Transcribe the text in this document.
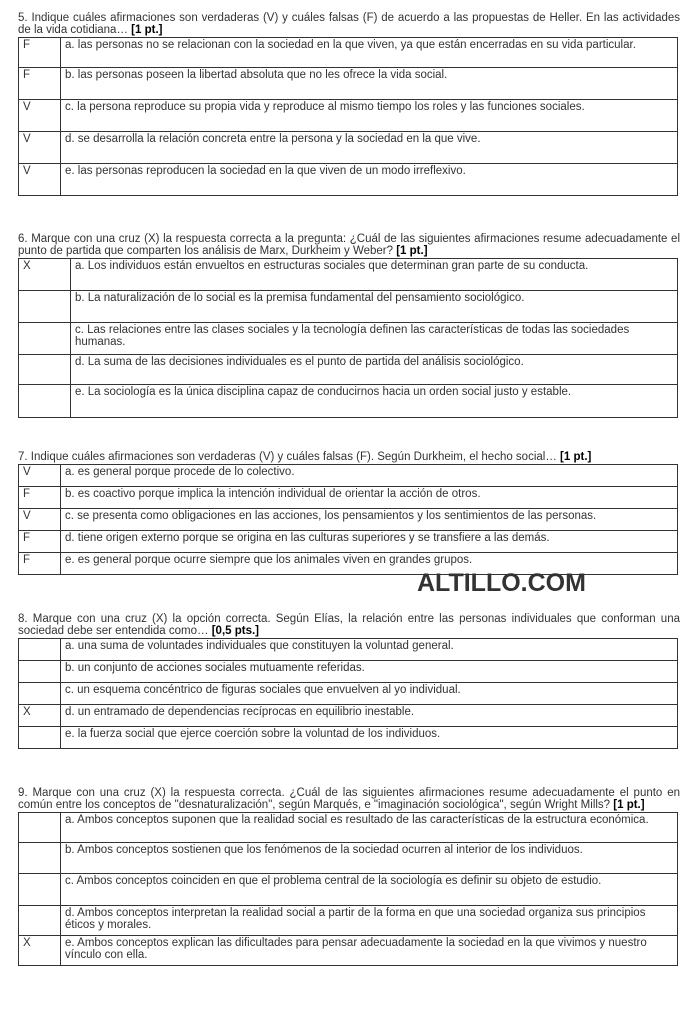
5. Indique cuáles afirmaciones son verdaderas (V) y cuáles falsas (F) de acuerdo a las propuestas de Heller. En las actividades de la vida cotidiana… [1 pt.]

F	a. las personas no se relacionan con la sociedad en la que viven, ya que están encerradas en su vida particular.
F	b. las personas poseen la libertad absoluta que no les ofrece la vida social.
V	c. la persona reproduce su propia vida y reproduce al mismo tiempo los roles y las funciones sociales.
V	d. se desarrolla la relación concreta entre la persona y la sociedad en la que vive.
V	e. las personas reproducen la sociedad en la que viven de un modo irreflexivo.

6. Marque con una cruz (X) la respuesta correcta a la pregunta: ¿Cuál de las siguientes afirmaciones resume adecuadamente el punto de partida que comparten los análisis de Marx, Durkheim y Weber? [1 pt.]

X	a. Los individuos están envueltos en estructuras sociales que determinan gran parte de su conducta.
	b. La naturalización de lo social es la premisa fundamental del pensamiento sociológico.
	c. Las relaciones entre las clases sociales y la tecnología definen las características de todas las sociedades humanas.
	d. La suma de las decisiones individuales es el punto de partida del análisis sociológico.
	e. La sociología es la única disciplina capaz de conducirnos hacia un orden social justo y estable.

7. Indique cuáles afirmaciones son verdaderas (V) y cuáles falsas (F). Según Durkheim, el hecho social… [1 pt.]

V	a. es general porque procede de lo colectivo.
F	b. es coactivo porque implica la intención individual de orientar la acción de otros.
V	c. se presenta como obligaciones en las acciones, los pensamientos y los sentimientos de las personas.
F	d. tiene origen externo porque se origina en las culturas superiores y se transfiere a las demás.
F	e. es general porque ocurre siempre que los animales viven en grandes grupos.
ALTILLO.COM

8. Marque con una cruz (X) la opción correcta. Según Elías, la relación entre las personas individuales que conforman una sociedad debe ser entendida como… [0,5 pts.]

	a. una suma de voluntades individuales que constituyen la voluntad general.
	b. un conjunto de acciones sociales mutuamente referidas.
	c. un esquema concéntrico de figuras sociales que envuelven al yo individual.
X	d. un entramado de dependencias recíprocas en equilibrio inestable.
	e. la fuerza social que ejerce coerción sobre la voluntad de los individuos.

9. Marque con una cruz (X) la respuesta correcta. ¿Cuál de las siguientes afirmaciones resume adecuadamente el punto en común entre los conceptos de "desnaturalización", según Marqués, e "imaginación sociológica", según Wright Mills? [1 pt.]

	a. Ambos conceptos suponen que la realidad social es resultado de las características de la estructura económica.
	b. Ambos conceptos sostienen que los fenómenos de la sociedad ocurren al interior de los individuos.
	c. Ambos conceptos coinciden en que el problema central de la sociología es definir su objeto de estudio.
	d. Ambos conceptos interpretan la realidad social a partir de la forma en que una sociedad organiza sus principios éticos y morales.
X	e. Ambos conceptos explican las dificultades para pensar adecuadamente la sociedad en la que vivimos y nuestro vínculo con ella.
